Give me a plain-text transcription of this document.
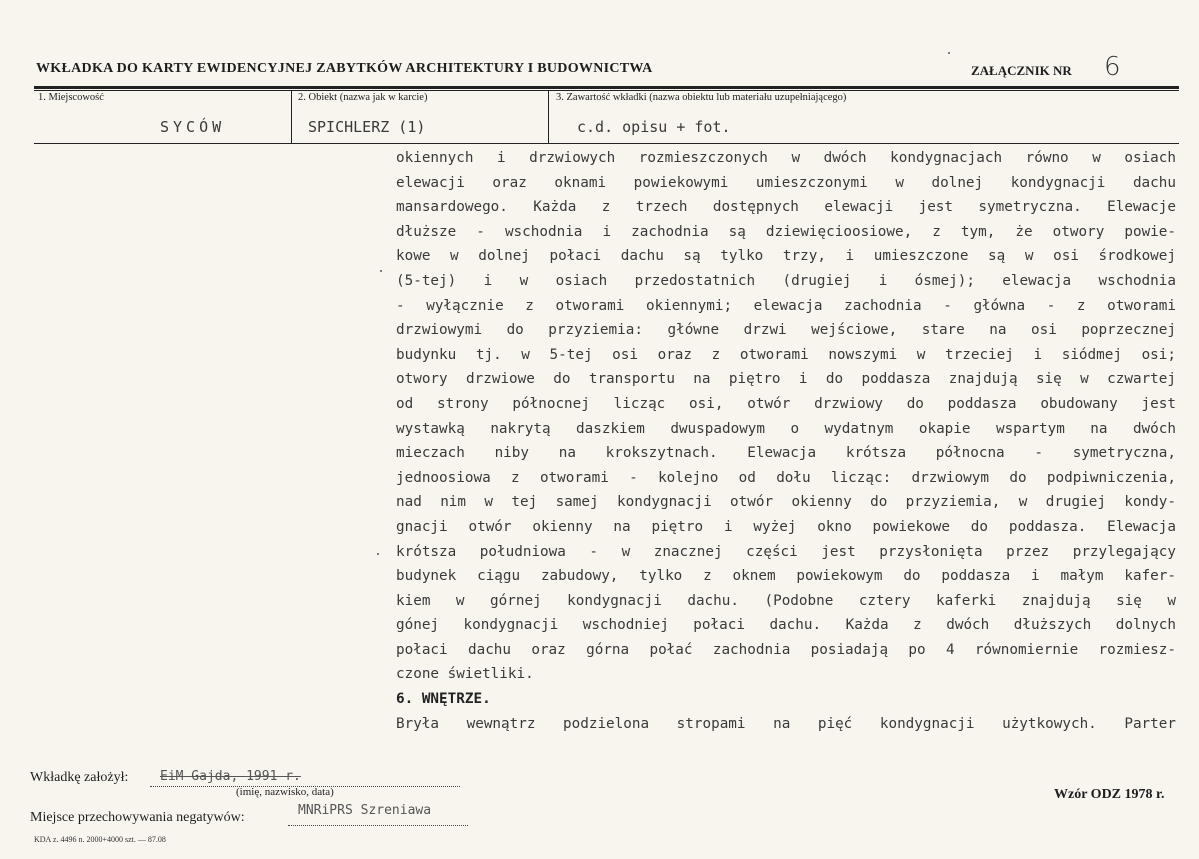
WKŁADKA DO KARTY EWIDENCYJNEJ ZABYTKÓW ARCHITEKTURY I BUDOWNICTWA	ZAŁĄCZNIK NR 6
1. Miejscowość	2. Obiekt (nazwa jak w karcie)	3. Zawartość wkładki (nazwa obiektu lub materiału uzupełniającego)
SYCÓW	SPICHLERZ (1)	c.d. opisu + fot.
okiennych i drzwiowych rozmieszczonych w dwóch kondygnacjach równo w osiach
elewacji oraz oknami powiekowymi umieszczonymi w dolnej kondygnacji dachu
mansardowego. Każda z trzech dostępnych elewacji jest symetryczna. Elewacje
dłuższe - wschodnia i zachodnia są dziewięcioosiowe, z tym, że otwory powie-
kowe w dolnej połaci dachu są tylko trzy, i umieszczone są w osi środkowej
(5-tej) i w osiach przedostatnich (drugiej i ósmej); elewacja wschodnia
- wyłącznie z otworami okiennymi; elewacja zachodnia - główna - z otworami
drzwiowymi do przyziemia: główne drzwi wejściowe, stare na osi poprzecznej
budynku tj. w 5-tej osi oraz z otworami nowszymi w trzeciej i siódmej osi;
otwory drzwiowe do transportu na piętro i do poddasza znajdują się w czwartej
od strony północnej licząc osi, otwór drzwiowy do poddasza obudowany jest
wystawką nakrytą daszkiem dwuspadowym o wydatnym okapie wspartym na dwóch
mieczach niby na krokszytnach. Elewacja krótsza północna - symetryczna,
jednoosiowa z otworami - kolejno od dołu licząc: drzwiowym do podpiwniczenia,
nad nim w tej samej kondygnacji otwór okienny do przyziemia, w drugiej kondy-
gnacji otwór okienny na piętro i wyżej okno powiekowe do poddasza. Elewacja
krótsza południowa - w znacznej części jest przysłonięta przez przylegający
budynek ciągu zabudowy, tylko z oknem powiekowym do poddasza i małym kafer-
kiem w górnej kondygnacji dachu. (Podobne cztery kaferki znajdują się w
gónej kondygnacji wschodniej połaci dachu. Każda z dwóch dłuższych dolnych
połaci dachu oraz górna połać zachodnia posiadają po 4 równomiernie rozmiesz-
czone świetliki.
6. WNĘTRZE.
Bryła wewnątrz podzielona stropami na pięć kondygnacji użytkowych. Parter
Wkładkę założył: EiM Gajda, 1991 r.
(imię, nazwisko, data)
Miejsce przechowywania negatywów:	MNRiPRS Szreniawa
Wzór ODZ 1978 r.
KDA z. 4496 n. 2000+4000 szt. — 87.08
